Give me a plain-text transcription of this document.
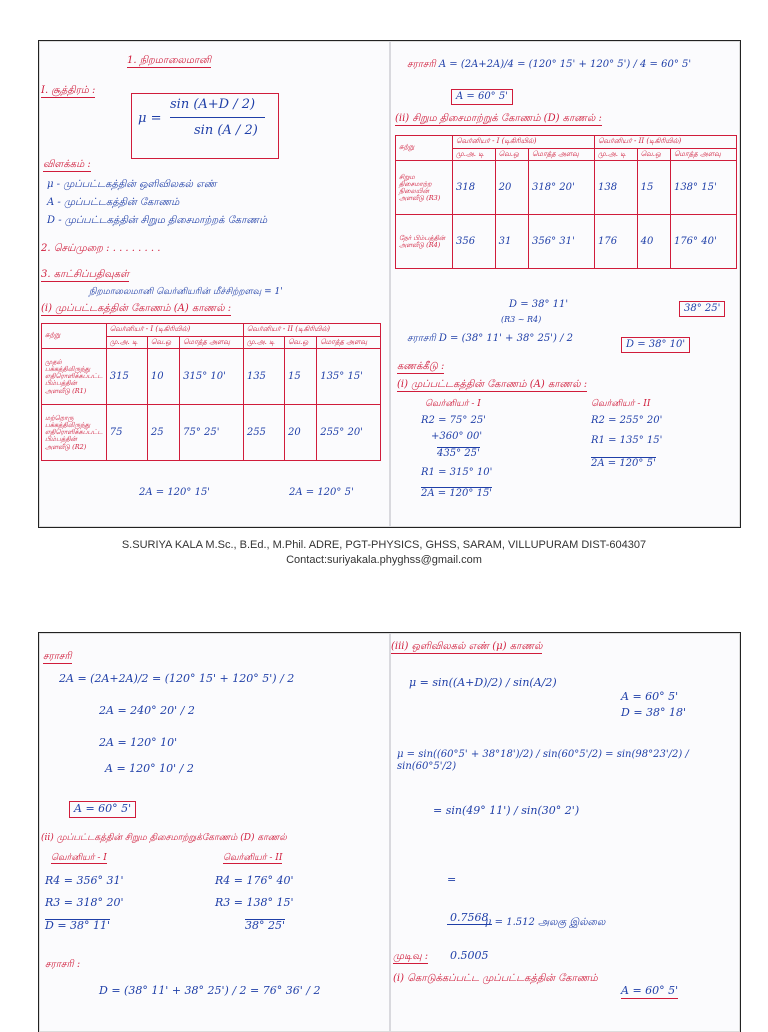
1. நிறமாலைமானி
I. சூத்திரம் :

μ =

sin (A+D / 2)

sin (A / 2)

விளக்கம் :
μ - முப்பட்டகத்தின் ஒளிவிலகல் எண்
A - முப்பட்டகத்தின் கோணம்
D - முப்பட்டகத்தின் சிறும திசைமாற்றக் கோணம்
2. செய்முறை : . . . . . . . .
3. காட்சிப்பதிவுகள்
நிறமாலைமானி வெர்னியரின் மீச்சிற்றளவு = 1'
(i) முப்பட்டகத்தின் கோணம் (A) காணல் :
சுற்று	வெர்னியர் - I (டிகிரியில்)			வெர்னியர் - II (டிகிரியில்)		
	மு.அ. டி	வெ.ஒ	மொத்த அளவு	மு.அ. டி	வெ.ஒ	மொத்த அளவு
முதல் பக்கத்திலிருந்து எதிரொளிக்கப்பட்ட பிம்பத்தின் அளவீடு (R1)	315	10	315° 10'	135	15	135° 15'
மற்றொரு பக்கத்திலிருந்து எதிரொளிக்கப்பட்ட பிம்பத்தின் அளவீடு (R2)	75	25	75° 25'	255	20	255° 20'
2A = 120° 15'	2A = 120° 5'
சராசரி A = (2A+2A)/4 = (120° 15' + 120° 5') / 4 = 60° 5'
A = 60° 5'
(ii) சிறும திசைமாற்றுக் கோணம் (D) காணல் :
சுற்று	வெர்னியர் - I (டிகிரியில்)			வெர்னியர் - II (டிகிரியில்)		
	மு.அ. டி	வெ.ஒ	மொத்த அளவு	மு.அ. டி	வெ.ஒ	மொத்த அளவு
சிறும திசைமாற்ற நிலையின் அளவீடு (R3)	318	20	318° 20'	138	15	138° 15'
நேர் பிம்பத்தின் அளவீடு (R4)	356	31	356° 31'	176	40	176° 40'
D = 38° 11'
(R3 ~ R4)
38° 25'
சராசரி D = (38° 11' + 38° 25') / 2
D = 38° 10'
கணக்கீடு :
(i) முப்பட்டகத்தின் கோணம் (A) காணல் :
வெர்னியர் - I	வெர்னியர் - II
R2 = 75° 25'
+360° 00'
435° 25'
R1 = 315° 10'
2A = 120° 15'
R2 = 255° 20'
R1 = 135° 15'
2A = 120° 5'
S.SURIYA KALA M.Sc., B.Ed., M.Phil. ADRE, PGT-PHYSICS, GHSS, SARAM, VILLUPURAM DIST-604307
Contact:suriyakala.phyghss@gmail.com
சராசரி
2A = (2A+2A)/2 = (120° 15' + 120° 5') / 2
2A = 240° 20' / 2
2A = 120° 10'
A = 120° 10' / 2
A = 60° 5'
(ii) முப்பட்டகத்தின் சிறும திசைமாற்றுக்கோணம் (D) காணல்
வெர்னியர் - I	வெர்னியர் - II
R4 = 356° 31'
R3 = 318° 20'
D = 38° 11'
R4 = 176° 40'
R3 = 138° 15'
38° 25'
சராசரி :
D = (38° 11' + 38° 25') / 2 = 76° 36' / 2
(iii) ஒளிவிலகல் எண் (μ) காணல்
μ = sin((A+D)/2) / sin(A/2)
A = 60° 5'
D = 38° 18'
μ = sin((60°5' + 38°18')/2) / sin(60°5'/2) = sin(98°23'/2) / sin(60°5'/2)
= sin(49° 11') / sin(30° 2')

=

$\frac{0.7568}{0.5005}$

μ = 1.512 அலகு இல்லை
முடிவு :
(i) கொடுக்கப்பட்ட முப்பட்டகத்தின் கோணம்
A = 60° 5'
